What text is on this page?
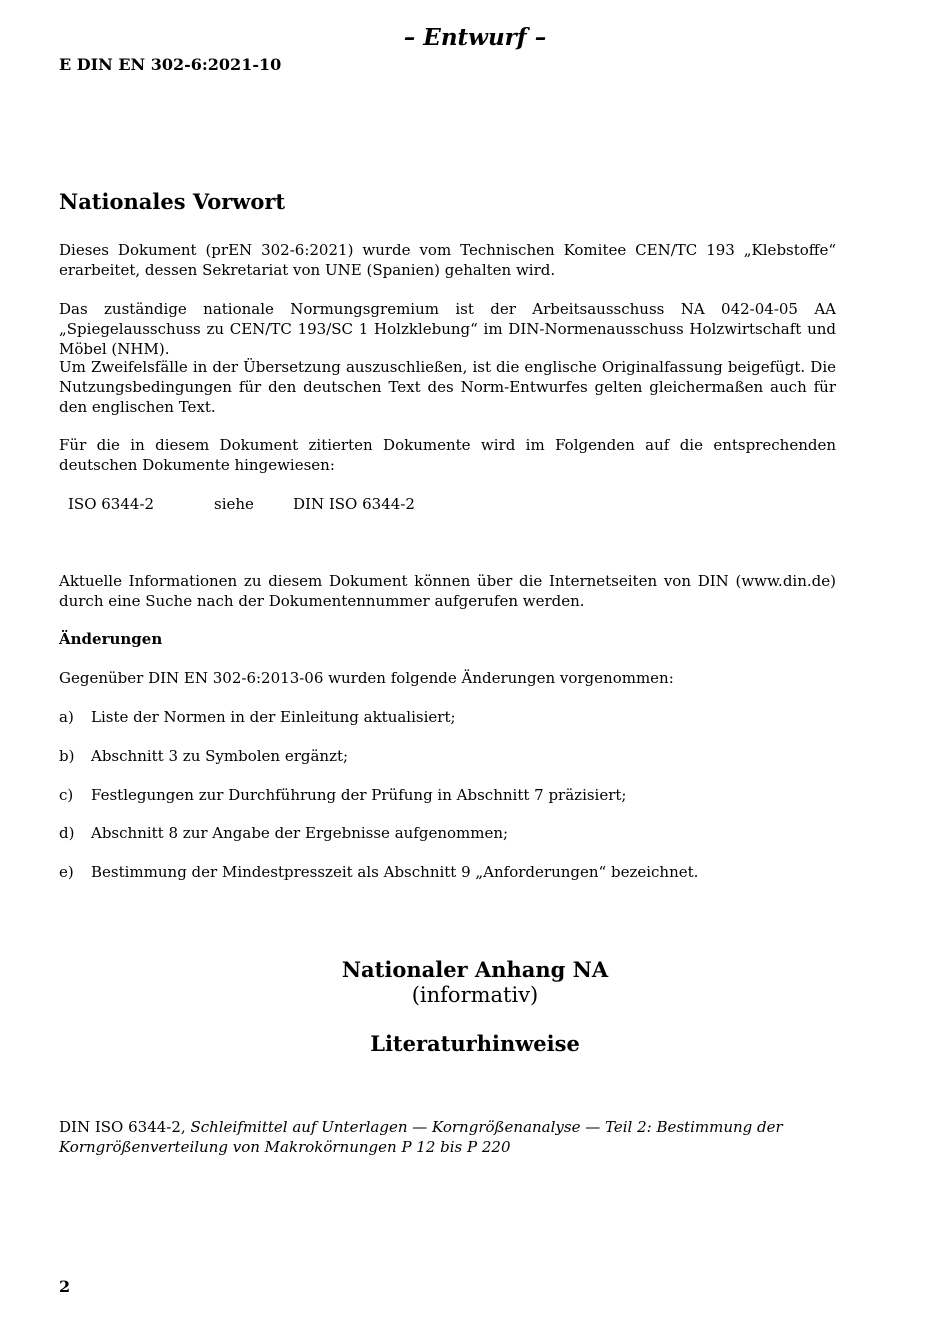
– Entwurf –
E DIN EN 302-6:2021-10
Nationales Vorwort

Dieses Dokument (prEN 302-6:2021) wurde vom Technischen Komitee CEN/TC 193 „Klebstoffe“ erarbeitet, dessen Sekretariat von UNE (Spanien) gehalten wird.

Das zuständige nationale Normungsgremium ist der Arbeitsausschuss NA 042-04-05 AA „Spiegelausschuss zu CEN/TC 193/SC 1 Holzklebung“ im DIN-Normenausschuss Holzwirtschaft und Möbel (NHM).

Um Zweifelsfälle in der Übersetzung auszuschließen, ist die englische Originalfassung beigefügt. Die Nutzungsbedingungen für den deutschen Text des Norm-Entwurfes gelten gleichermaßen auch für den englischen Text.

Für die in diesem Dokument zitierten Dokumente wird im Folgenden auf die entsprechenden deutschen Dokumente hingewiesen:

ISO 6344-2	siehe	DIN ISO 6344-2

Aktuelle Informationen zu diesem Dokument können über die Internetseiten von DIN (www.din.de) durch eine Suche nach der Dokumentennummer aufgerufen werden.

Änderungen
Gegenüber DIN EN 302-6:2013-06 wurden folgende Änderungen vorgenommen:
a) Liste der Normen in der Einleitung aktualisiert;
b) Abschnitt 3 zu Symbolen ergänzt;
c) Festlegungen zur Durchführung der Prüfung in Abschnitt 7 präzisiert;
d) Abschnitt 8 zur Angabe der Ergebnisse aufgenommen;
e) Bestimmung der Mindestpresszeit als Abschnitt 9 „Anforderungen“ bezeichnet.
Nationaler Anhang NA
(informativ)
Literaturhinweise
DIN ISO 6344-2, Schleifmittel auf Unterlagen — Korngrößenanalyse — Teil 2: Bestimmung der Korngrößenverteilung von Makrokörnungen P 12 bis P 220
2
